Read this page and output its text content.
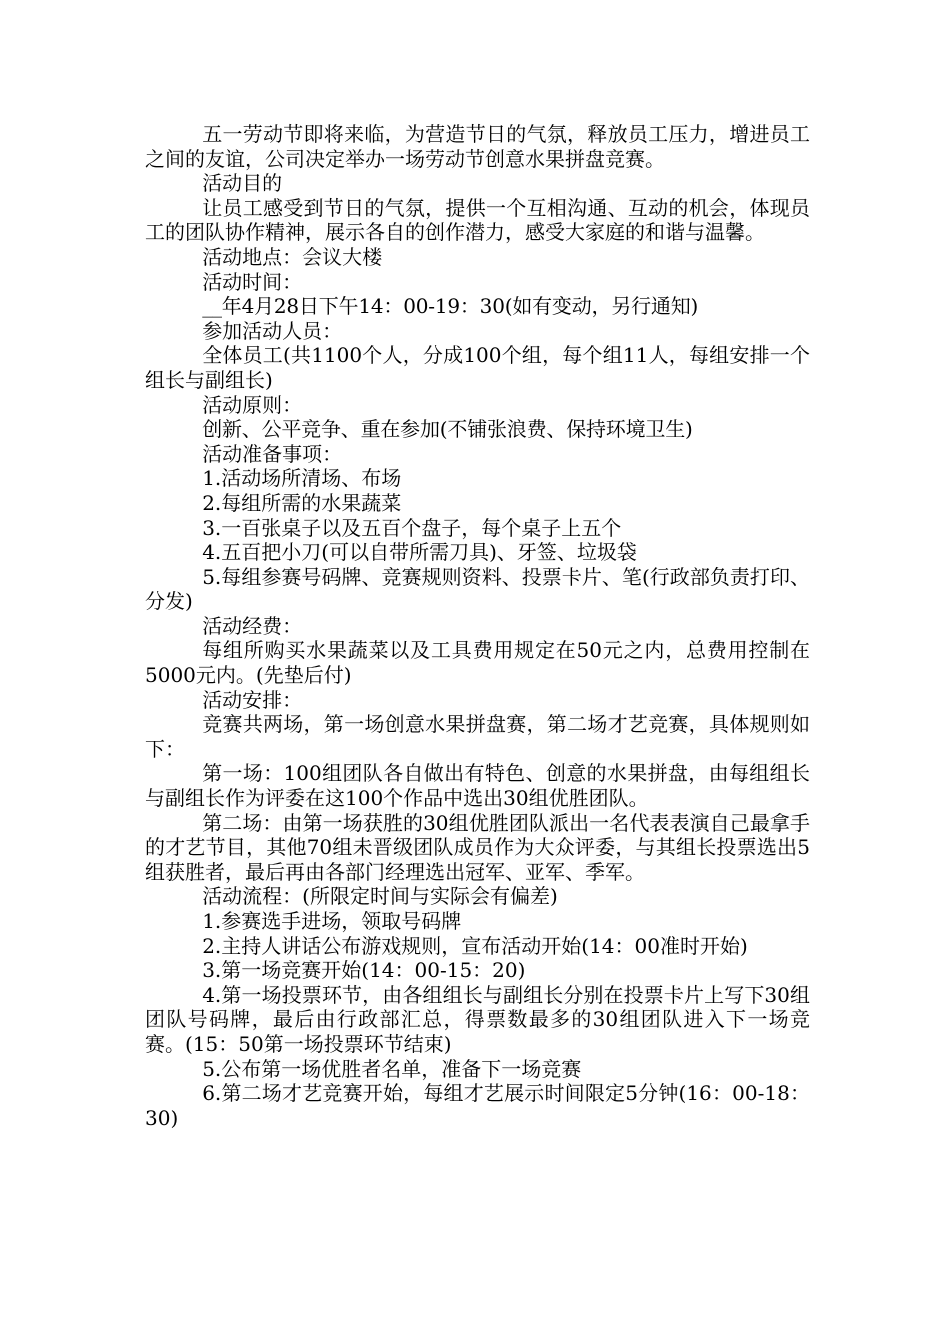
五一劳动节即将来临，为营造节日的气氛，释放员工压力，增进员工之间的友谊，公司决定举办一场劳动节创意水果拼盘竞赛。

活动目的

让员工感受到节日的气氛，提供一个互相沟通、互动的机会，体现员工的团队协作精神，展示各自的创作潜力，感受大家庭的和谐与温馨。

活动地点：会议大楼

活动时间：

__年4月28日下午14：00-19：30(如有变动，另行通知)

参加活动人员：

全体员工(共1100个人，分成100个组，每个组11人，每组安排一个组长与副组长)

活动原则：

创新、公平竞争、重在参加(不铺张浪费、保持环境卫生)

活动准备事项：

1.活动场所清场、布场

2.每组所需的水果蔬菜

3.一百张桌子以及五百个盘子，每个桌子上五个

4.五百把小刀(可以自带所需刀具)、牙签、垃圾袋

5.每组参赛号码牌、竞赛规则资料、投票卡片、笔(行政部负责打印、分发)

活动经费：

每组所购买水果蔬菜以及工具费用规定在50元之内，总费用控制在5000元内。(先垫后付)

活动安排：

竞赛共两场，第一场创意水果拼盘赛，第二场才艺竞赛，具体规则如下：

第一场：100组团队各自做出有特色、创意的水果拼盘，由每组组长与副组长作为评委在这100个作品中选出30组优胜团队。

第二场：由第一场获胜的30组优胜团队派出一名代表表演自己最拿手的才艺节目，其他70组未晋级团队成员作为大众评委，与其组长投票选出5组获胜者，最后再由各部门经理选出冠军、亚军、季军。

活动流程：(所限定时间与实际会有偏差)

1.参赛选手进场，领取号码牌

2.主持人讲话公布游戏规则，宣布活动开始(14：00准时开始)

3.第一场竞赛开始(14：00-15：20)

4.第一场投票环节，由各组组长与副组长分别在投票卡片上写下30组团队号码牌，最后由行政部汇总，得票数最多的30组团队进入下一场竞赛。(15：50第一场投票环节结束)

5.公布第一场优胜者名单，准备下一场竞赛

6.第二场才艺竞赛开始，每组才艺展示时间限定5分钟(16：00-18：30)
